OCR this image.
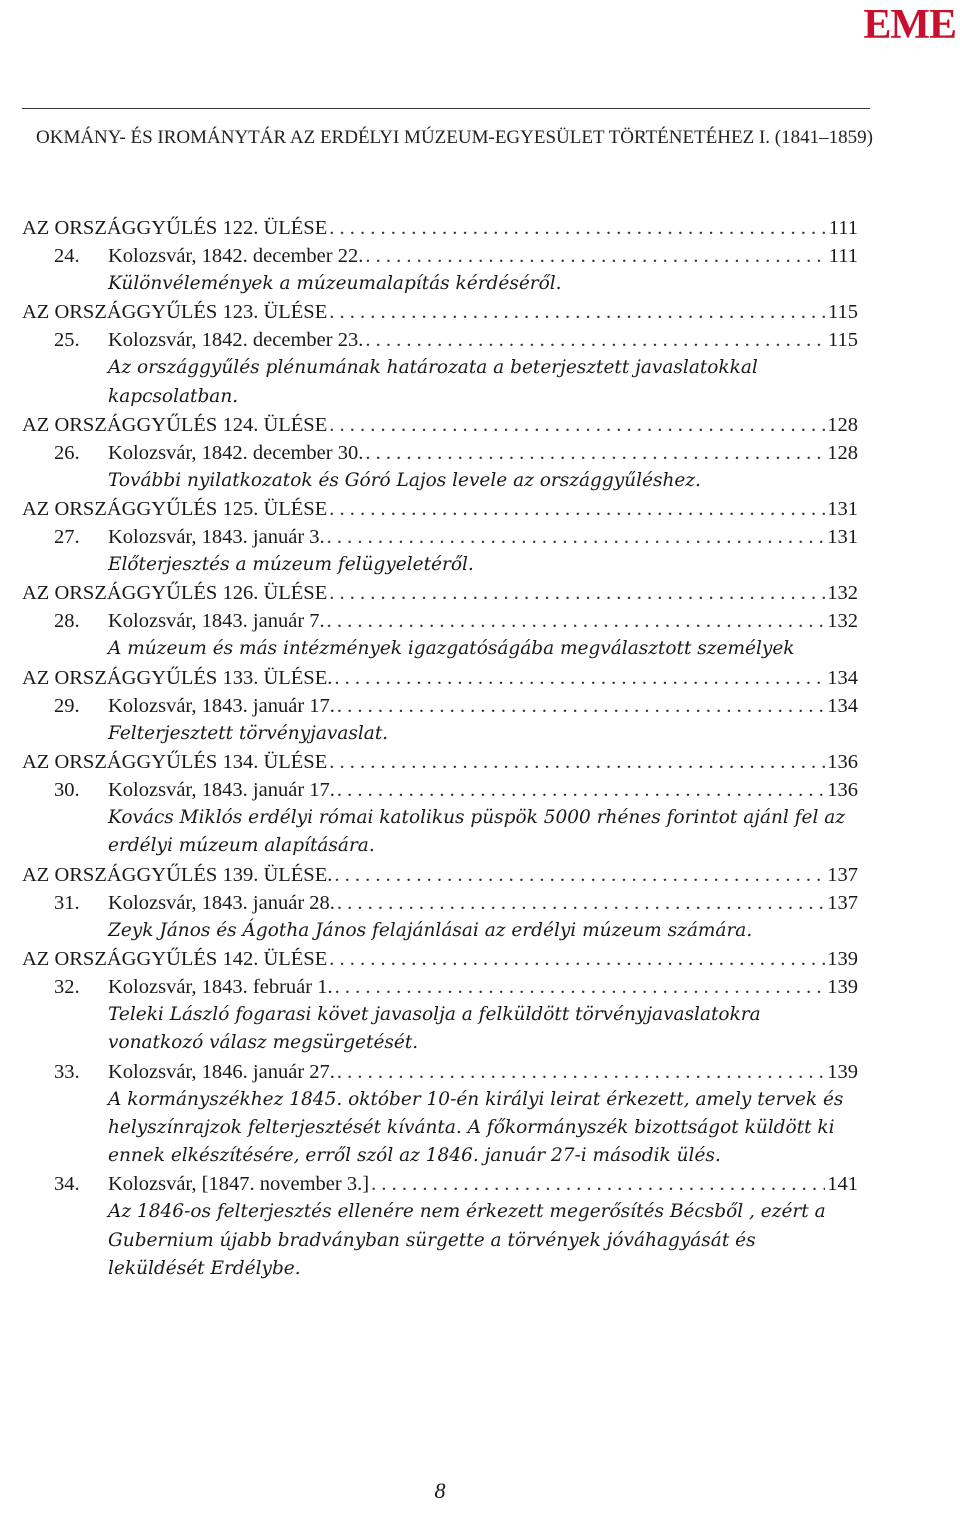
EME
OKMÁNY- ÉS IROMÁNYTÁR AZ ERDÉLYI MÚZEUM-EGYESÜLET TÖRTÉNETÉHEZ I. (1841–1859)
AZ ORSZÁGGYŰLÉS 122. ÜLÉSE . . .	111
24. Kolozsvár, 1842. december 22. . . .	111
Különvélemények a múzeumalapítás kérdéséről.
AZ ORSZÁGGYŰLÉS 123. ÜLÉSE . . .	115
25. Kolozsvár, 1842. december 23. . . .	115
Az országgyűlés plénumának határozata a beterjesztett javaslatokkal kapcsolatban.
AZ ORSZÁGGYŰLÉS 124. ÜLÉSE . . .	128
26. Kolozsvár, 1842. december 30. . . .	128
További nyilatkozatok és Góró Lajos levele az országgyűléshez.
AZ ORSZÁGGYŰLÉS 125. ÜLÉSE . . .	131
27. Kolozsvár, 1843. január 3. . . .	131
Előterjesztés a múzeum felügyeletéről.
AZ ORSZÁGGYŰLÉS 126. ÜLÉSE . . .	132
28. Kolozsvár, 1843. január 7. . . .	132
A múzeum és más intézmények igazgatóságába megválasztott személyek
AZ ORSZÁGGYŰLÉS 133. ÜLÉSE. . . .	134
29. Kolozsvár, 1843. január 17. . . .	134
Felterjesztett törvényjavaslat.
AZ ORSZÁGGYŰLÉS 134. ÜLÉSE . . .	136
30. Kolozsvár, 1843. január 17. . . .	136
Kovács Miklós erdélyi római katolikus püspök 5000 rhénes forintot ajánl fel az erdélyi múzeum alapítására.
AZ ORSZÁGGYŰLÉS 139. ÜLÉSE. . . .	137
31. Kolozsvár, 1843. január 28. . . .	137
Zeyk János és Ágotha János felajánlásai az erdélyi múzeum számára.
AZ ORSZÁGGYŰLÉS 142. ÜLÉSE . . .	139
32. Kolozsvár, 1843. február 1. . . .	139
Teleki László fogarasi követ javasolja a felküldött törvényjavaslatokra vonatkozó válasz megsürgetését.
33. Kolozsvár, 1846. január 27. . . .	139
A kormányszékhez 1845. október 10-én királyi leirat érkezett, amely tervek és helyszínrajzok felterjesztését kívánta. A főkormányszék bizottságot küldött ki ennek elkészítésére, erről szól az 1846. január 27-i második ülés.
34. Kolozsvár, [1847. november 3.] . . .	141
Az 1846-os felterjesztés ellenére nem érkezett megerősítés Bécsből , ezért a Gubernium újabb bradványban sürgette a törvények jóváhagyását és leküldését Erdélybe.
8
